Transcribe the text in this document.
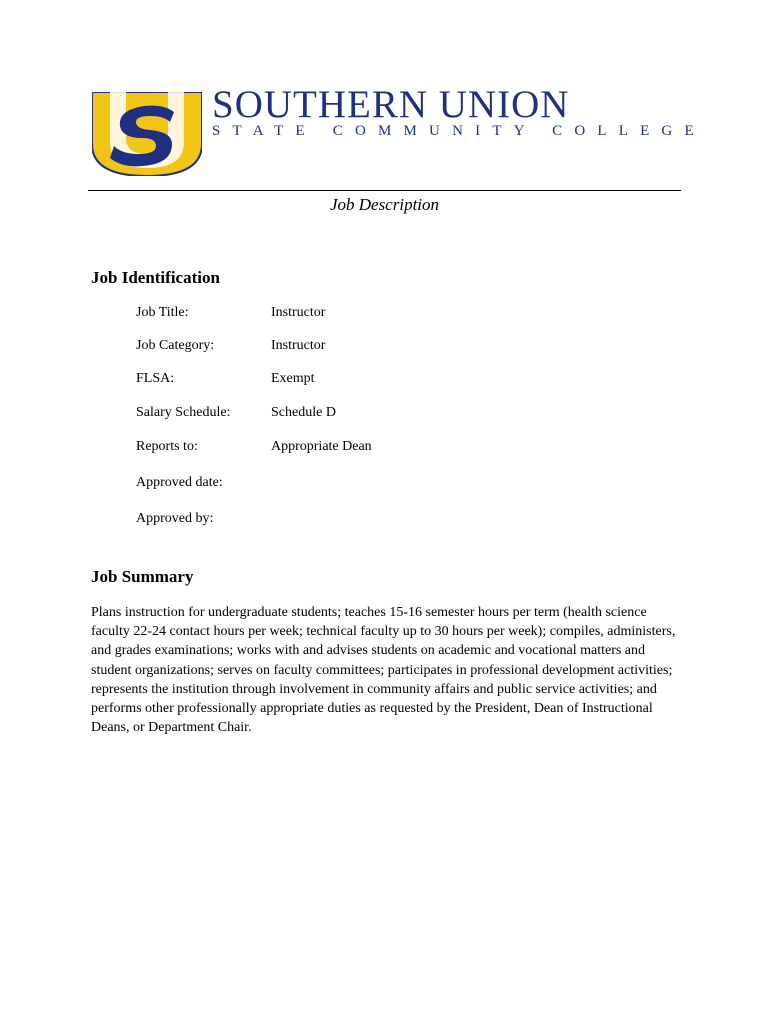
SOUTHERN UNION
STATE COMMUNITY COLLEGE
Job Description
Job Identification
Job Title:	Instructor
Job Category:	Instructor
FLSA:	Exempt
Salary Schedule:	Schedule D
Reports to:	Appropriate Dean
Approved date:
Approved by:
Job Summary
Plans instruction for undergraduate students; teaches 15-16 semester hours per term (health science faculty 22-24 contact hours per week; technical faculty up to 30 hours per week); compiles, administers, and grades examinations; works with and advises students on academic and vocational matters and student organizations; serves on faculty committees; participates in professional development activities; represents the institution through involvement in community affairs and public service activities; and performs other professionally appropriate duties as requested by the President, Dean of Instructional Deans, or Department Chair.
